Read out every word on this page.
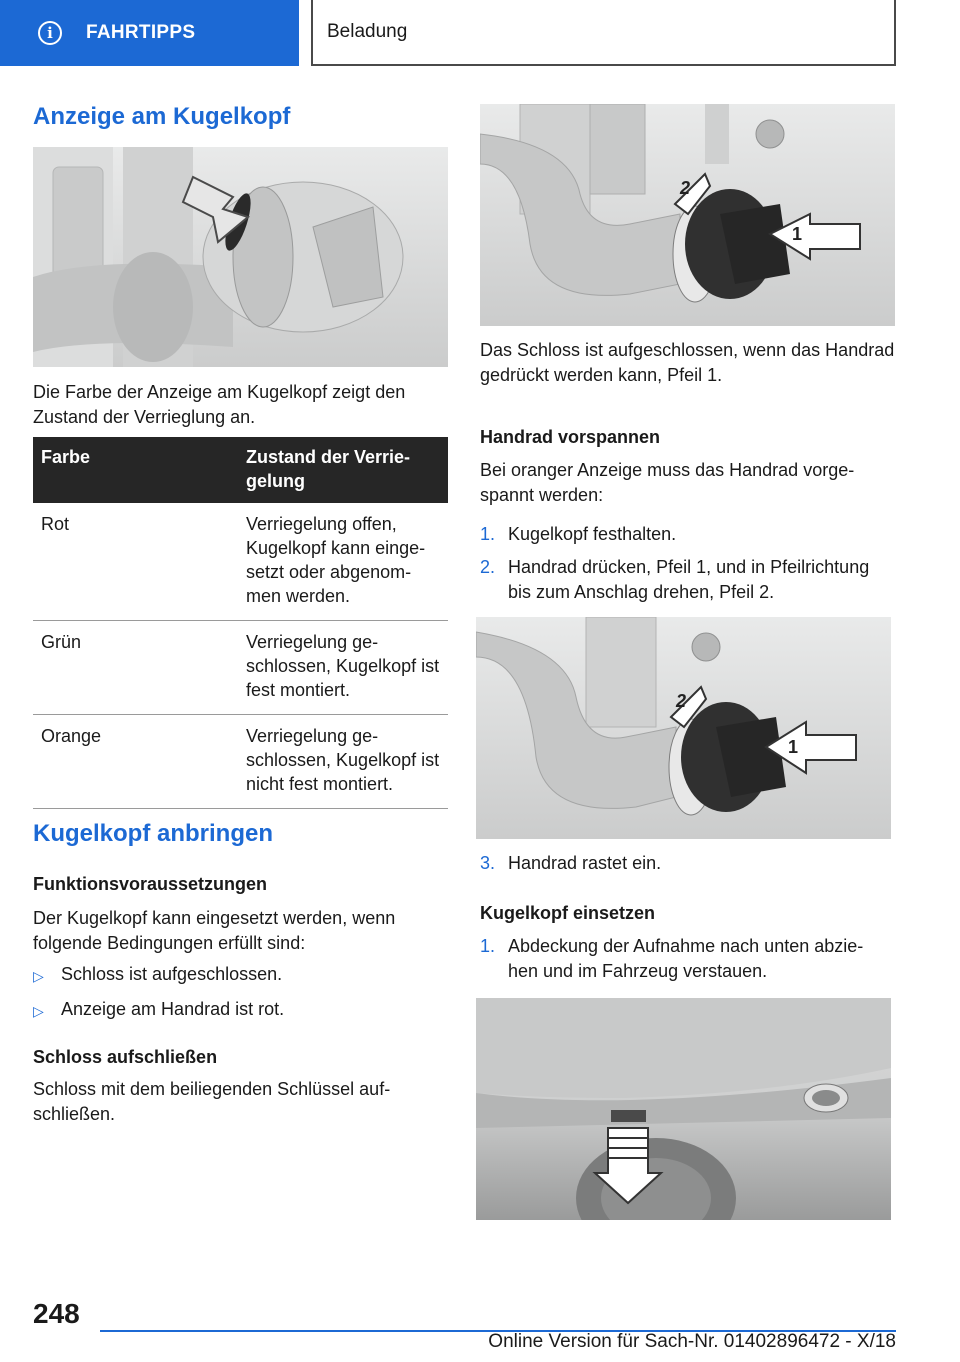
i	FAHRTIPPS	Beladung
Anzeige am Kugelkopf
Die Farbe der Anzeige am Kugelkopf zeigt den Zustand der Verrieglung an.
Farbe	Zustand der Verrie- gelung
Rot	Verriegelung offen, Kugelkopf kann einge- setzt oder abgenom- men werden.
Grün	Verriegelung ge- schlossen, Kugelkopf ist fest montiert.
Orange	Verriegelung ge- schlossen, Kugelkopf ist nicht fest montiert.
Kugelkopf anbringen
Funktionsvoraussetzungen
Der Kugelkopf kann eingesetzt werden, wenn folgende Bedingungen erfüllt sind:
▷ Schloss ist aufgeschlossen.
▷ Anzeige am Handrad ist rot.
Schloss aufschließen
Schloss mit dem beiliegenden Schlüssel auf- schließen.
2
1
Das Schloss ist aufgeschlossen, wenn das Handrad gedrückt werden kann, Pfeil 1.
Handrad vorspannen
Bei oranger Anzeige muss das Handrad vorge- spannt werden:
1. Kugelkopf festhalten.
2. Handrad drücken, Pfeil 1, und in Pfeilrichtung bis zum Anschlag drehen, Pfeil 2.
2
1
3. Handrad rastet ein.
Kugelkopf einsetzen
1. Abdeckung der Aufnahme nach unten abzie- hen und im Fahrzeug verstauen.
248
Online Version für Sach-Nr. 01402896472 - X/18
